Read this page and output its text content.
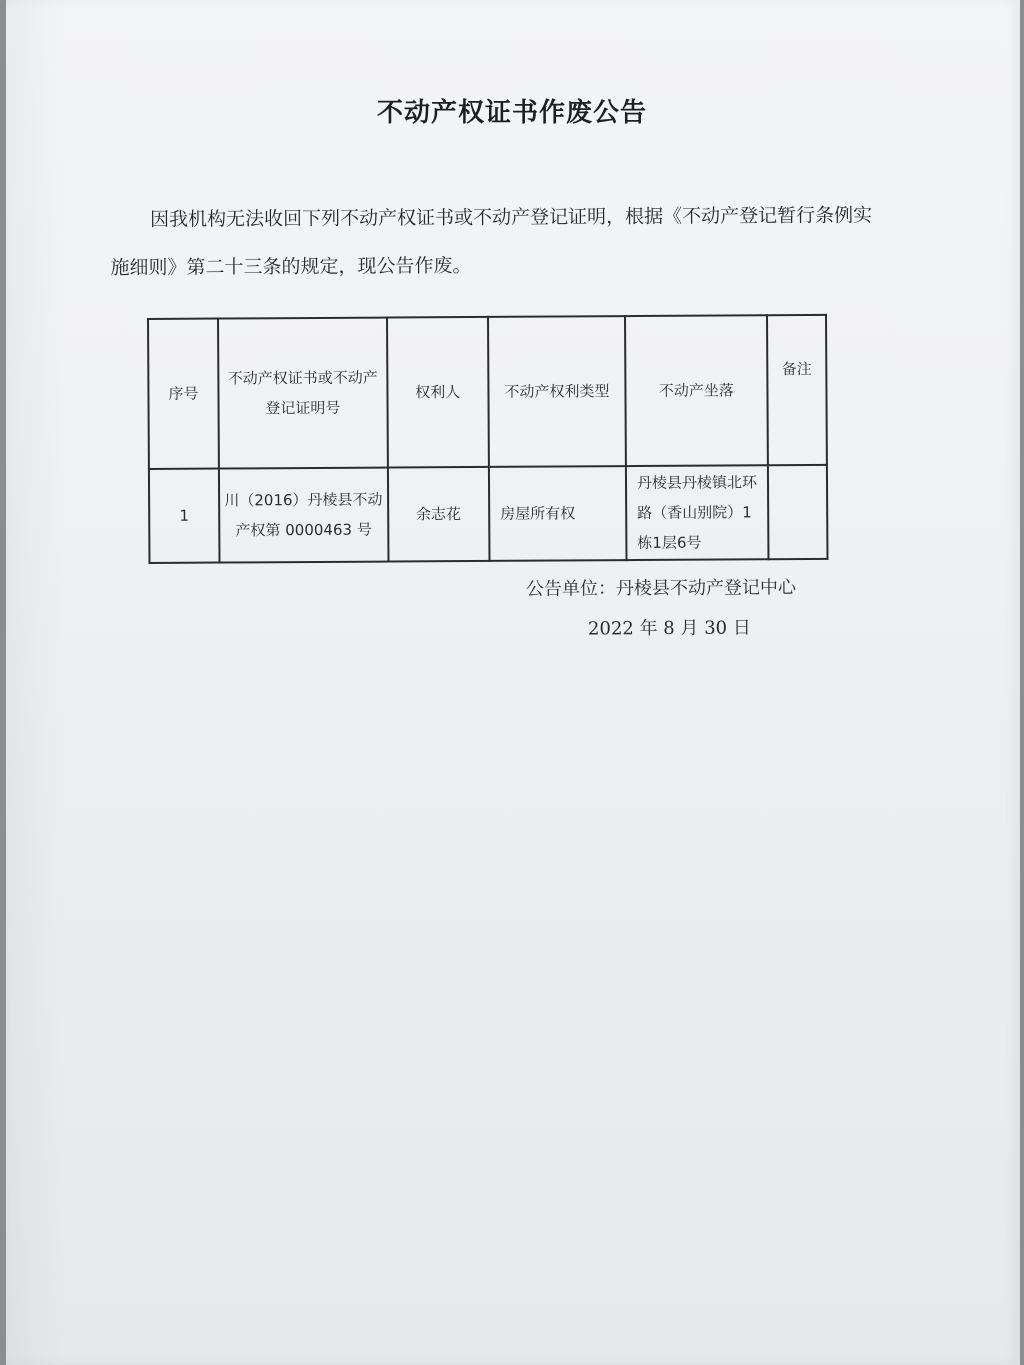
不动产权证书作废公告
因我机构无法收回下列不动产权证书或不动产登记证明，根据《不动产登记暂行条例实施细则》第二十三条的规定，现公告作废。
序号	不动产权证书或不动产登记证明号	权利人	不动产权利类型	不动产坐落	备注
1	川（2016）丹棱县不动产权第 0000463 号	余志花	房屋所有权	丹棱县丹棱镇北环路（香山别院）1栋1层6号	
公告单位：丹棱县不动产登记中心
2022 年 8 月 30 日
